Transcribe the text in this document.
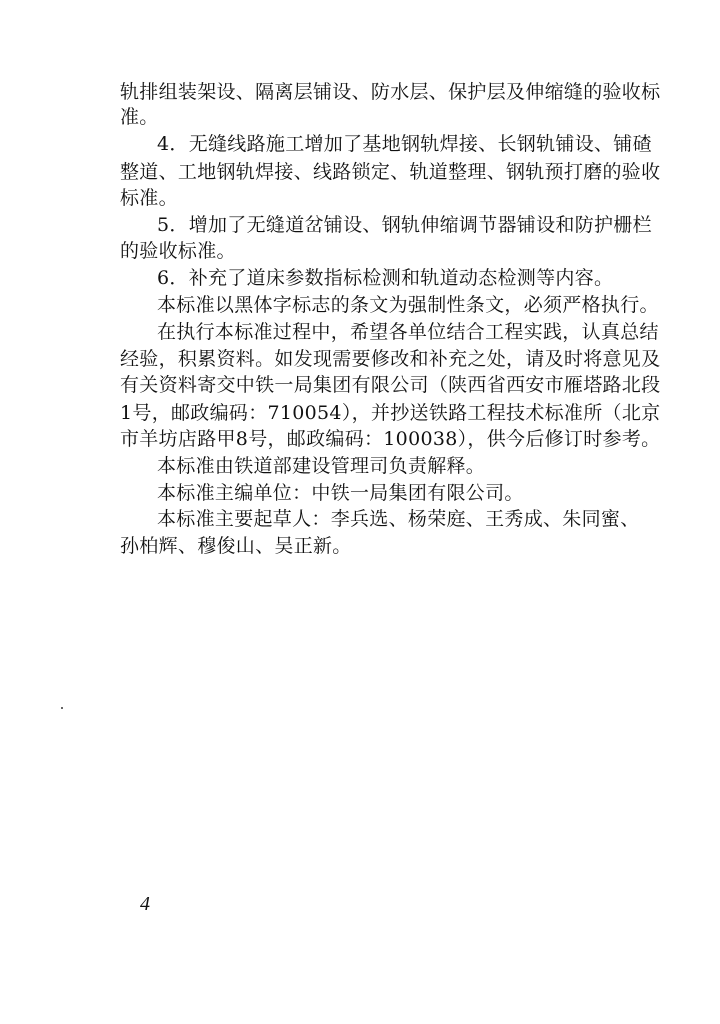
轨排组装架设、隔离层铺设、防水层、保护层及伸缩缝的验收标
准。
4．无缝线路施工增加了基地钢轨焊接、长钢轨铺设、铺碴
整道、工地钢轨焊接、线路锁定、轨道整理、钢轨预打磨的验收
标准。
5．增加了无缝道岔铺设、钢轨伸缩调节器铺设和防护栅栏
的验收标准。
6．补充了道床参数指标检测和轨道动态检测等内容。
本标准以黑体字标志的条文为强制性条文，必须严格执行。
在执行本标准过程中，希望各单位结合工程实践，认真总结
经验，积累资料。如发现需要修改和补充之处，请及时将意见及
有关资料寄交中铁一局集团有限公司（陕西省西安市雁塔路北段
1号，邮政编码：710054），并抄送铁路工程技术标准所（北京
市羊坊店路甲8号，邮政编码：100038），供今后修订时参考。
本标准由铁道部建设管理司负责解释。
本标准主编单位：中铁一局集团有限公司。
本标准主要起草人：李兵选、杨荣庭、王秀成、朱同蜜、
孙柏辉、穆俊山、吴正新。
4
